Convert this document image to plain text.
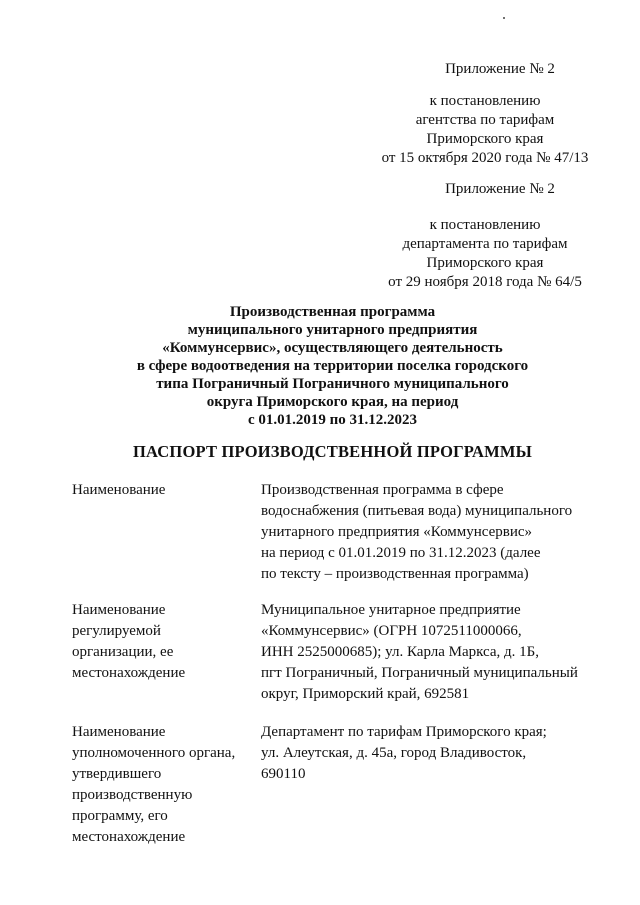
Приложение № 2
к постановлению
агентства по тарифам
Приморского края
от 15 октября 2020 года № 47/13
Приложение № 2
к постановлению
департамента по тарифам
Приморского края
от 29 ноября 2018 года № 64/5
Производственная программа
муниципального унитарного предприятия
«Коммунсервис», осуществляющего деятельность
в сфере водоотведения на территории поселка городского
типа Пограничный Пограничного муниципального
округа Приморского края, на период
с 01.01.2019 по 31.12.2023
ПАСПОРТ ПРОИЗВОДСТВЕННОЙ ПРОГРАММЫ
Наименование	Производственная программа в сфере
водоснабжения (питьевая вода) муниципального
унитарного предприятия «Коммунсервис»
на период с 01.01.2019 по 31.12.2023 (далее
по тексту – производственная программа)
Наименование
регулируемой
организации, ее
местонахождение
Муниципальное унитарное предприятие
«Коммунсервис» (ОГРН 1072511000066,
ИНН 2525000685); ул. Карла Маркса, д. 1Б,
пгт Пограничный, Пограничный муниципальный
округ, Приморский край, 692581
Наименование
уполномоченного органа,
утвердившего
производственную
программу, его
местонахождение
Департамент по тарифам Приморского края;
ул. Алеутская, д. 45а, город Владивосток,
690110
